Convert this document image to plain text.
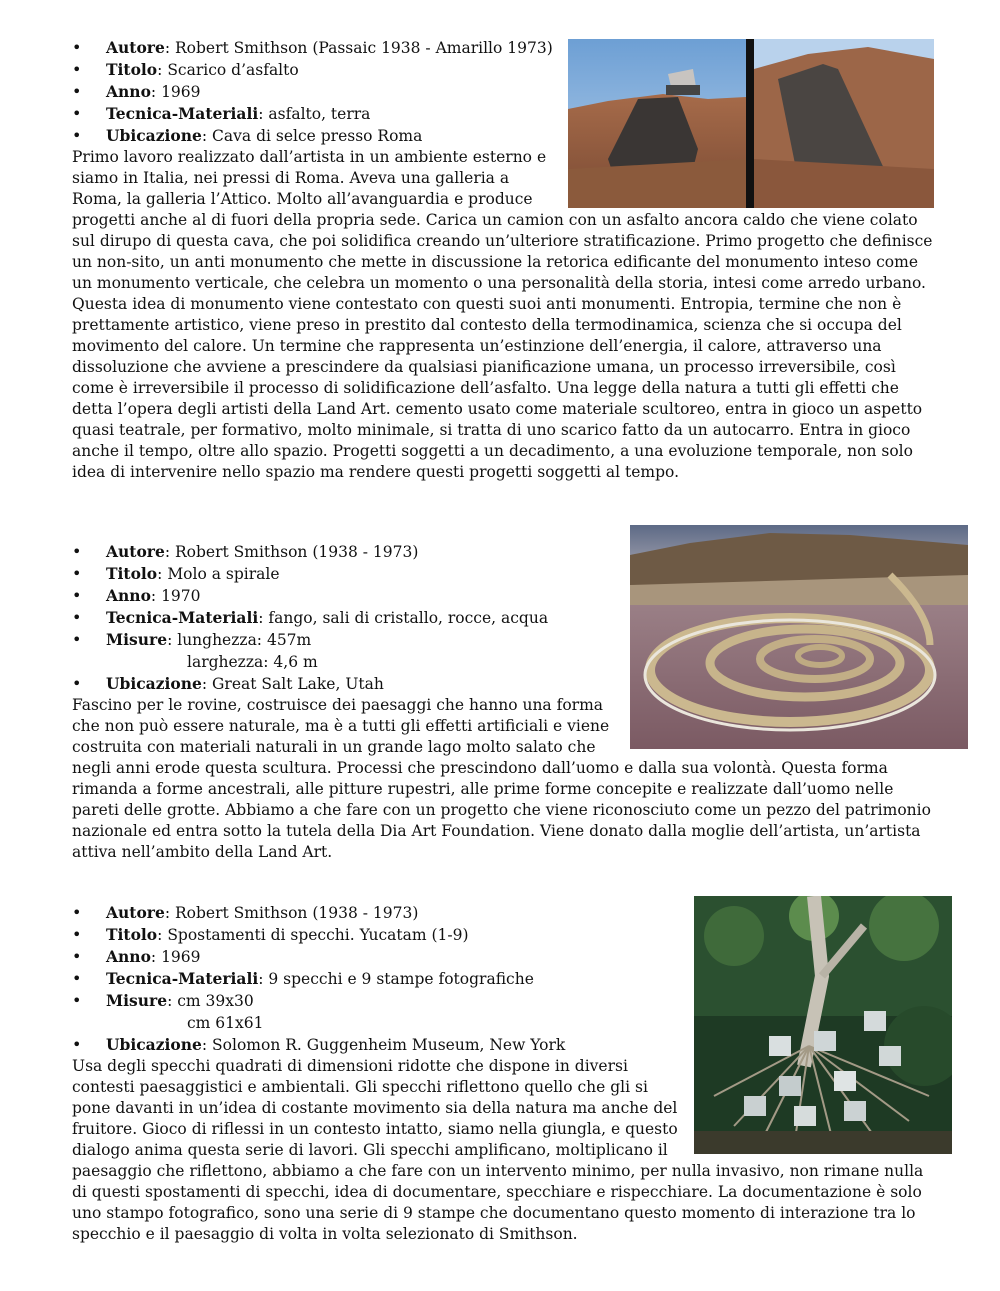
• Autore: Robert Smithson (Passaic 1938 - Amarillo 1973)
• Titolo: Scarico d’asfalto
• Anno: 1969
• Tecnica-Materiali: asfalto, terra
• Ubicazione: Cava di selce presso Roma

Primo lavoro realizzato dall’artista in un ambiente esterno e siamo in Italia, nei pressi di Roma. Aveva una galleria a Roma, la galleria l’Attico. Molto all’avanguardia e produce progetti anche al di fuori della propria sede. Carica un camion con un asfalto ancora caldo che viene colato sul dirupo di questa cava, che poi solidifica creando un’ulteriore stratificazione. Primo progetto che definisce un non-sito, un anti monumento che mette in discussione la retorica edificante del monumento inteso come un monumento verticale, che celebra un momento o una personalità della storia, intesi come arredo urbano. Questa idea di monumento viene contestato con questi suoi anti monumenti. Entropia, termine che non è prettamente artistico, viene preso in prestito dal contesto della termodinamica, scienza che si occupa del movimento del calore. Un termine che rappresenta un’estinzione dell’energia, il calore, attraverso una dissoluzione che avviene a prescindere da qualsiasi pianificazione umana, un processo irreversibile, così come è irreversibile il processo di solidificazione dell’asfalto. Una legge della natura a tutti gli effetti che detta l’opera degli artisti della Land Art. cemento usato come materiale scultoreo, entra in gioco un aspetto quasi teatrale, per formativo, molto minimale, si tratta di uno scarico fatto da un autocarro. Entra in gioco anche il tempo, oltre allo spazio. Progetti soggetti a un decadimento, a una evoluzione temporale, non solo idea di intervenire nello spazio ma rendere questi progetti soggetti al tempo.

• Autore: Robert Smithson (1938 - 1973)
• Titolo: Molo a spirale
• Anno: 1970
• Tecnica-Materiali: fango, sali di cristallo, rocce, acqua
• Misure: lunghezza: 457m
larghezza: 4,6 m
• Ubicazione: Great Salt Lake, Utah

Fascino per le rovine, costruisce dei paesaggi che hanno una forma che non può essere naturale, ma è a tutti gli effetti artificiali e viene costruita con materiali naturali in un grande lago molto salato che negli anni erode questa scultura. Processi che prescindono dall’uomo e dalla sua volontà. Questa forma rimanda a forme ancestrali, alle pitture rupestri, alle prime forme concepite e realizzate dall’uomo nelle pareti delle grotte. Abbiamo a che fare con un progetto che viene riconosciuto come un pezzo del patrimonio nazionale ed entra sotto la tutela della Dia Art Foundation. Viene donato dalla moglie dell’artista, un’artista attiva nell’ambito della Land Art.

• Autore: Robert Smithson (1938 - 1973)
• Titolo: Spostamenti di specchi. Yucatam (1-9)
• Anno: 1969
• Tecnica-Materiali: 9 specchi e 9 stampe fotografiche
• Misure: cm 39x30
cm 61x61
• Ubicazione: Solomon R. Guggenheim Museum, New York

Usa degli specchi quadrati di dimensioni ridotte che dispone in diversi contesti paesaggistici e ambientali. Gli specchi riflettono quello che gli si pone davanti in un’idea di costante movimento sia della natura ma anche del fruitore. Gioco di riflessi in un contesto intatto, siamo nella giungla, e questo dialogo anima questa serie di lavori. Gli specchi amplificano, moltiplicano il paesaggio che riflettono, abbiamo a che fare con un intervento minimo, per nulla invasivo, non rimane nulla di questi spostamenti di specchi, idea di documentare, specchiare e rispecchiare. La documentazione è solo uno stampo fotografico, sono una serie di 9 stampe che documentano questo momento di interazione tra lo specchio e il paesaggio di volta in volta selezionato di Smithson.
